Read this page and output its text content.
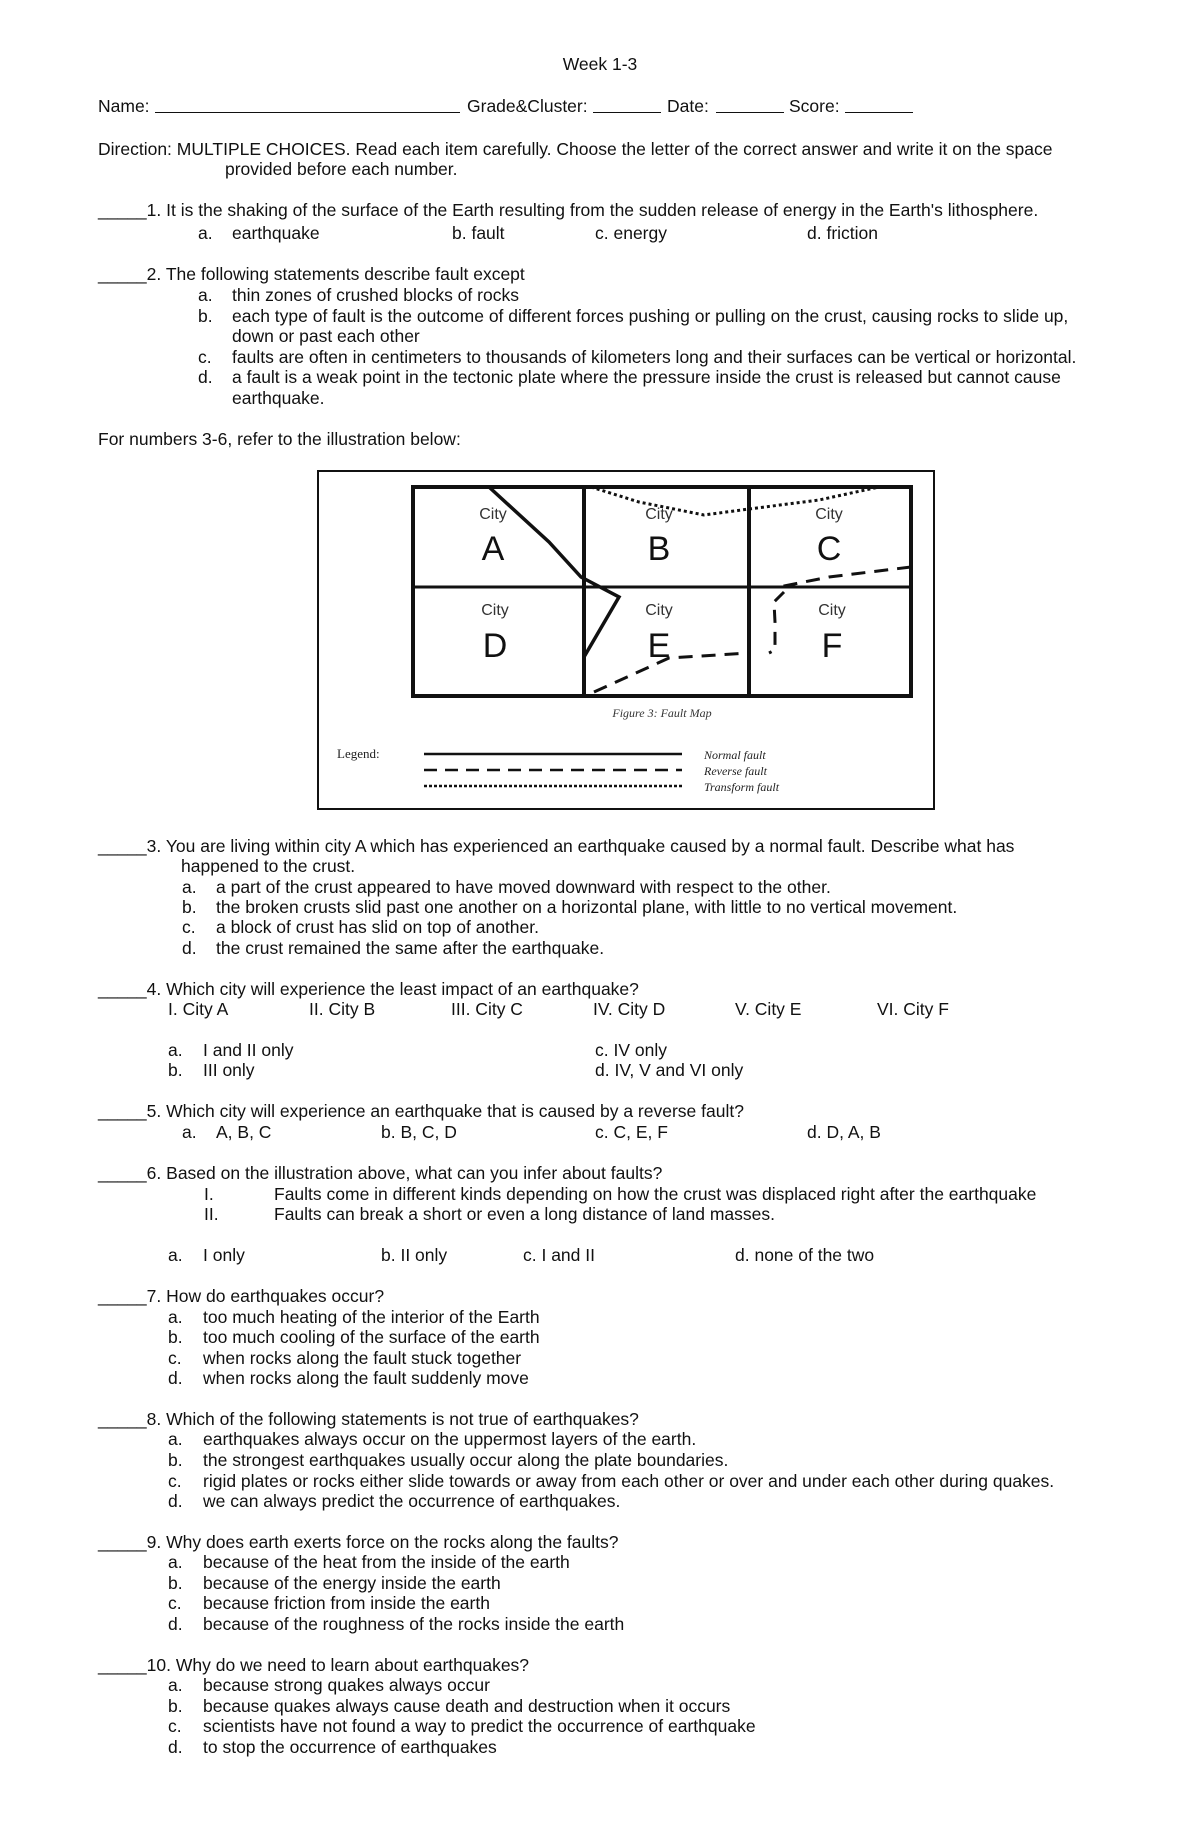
Week 1-3
Name:	Grade&Cluster:	Date:	Score:
Direction: MULTIPLE CHOICES. Read each item carefully. Choose the letter of the correct answer and write it on the space
provided before each number.
_____1. It is the shaking of the surface of the Earth resulting from the sudden release of energy in the Earth's lithosphere.
a. earthquake	b. fault	c. energy	d. friction
_____2. The following statements describe fault except
a. thin zones of crushed blocks of rocks
b. each type of fault is the outcome of different forces pushing or pulling on the crust, causing rocks to slide up,
down or past each other
c. faults are often in centimeters to thousands of kilometers long and their surfaces can be vertical or horizontal.
d. a fault is a weak point in the tectonic plate where the pressure inside the crust is released but cannot cause
earthquake.
For numbers 3-6, refer to the illustration below:
City
A
City
B
City
C
City
D
City
E
City
F
Figure 3: Fault Map
Legend:	Normal fault
Reverse fault
Transform fault
_____3. You are living within city A which has experienced an earthquake caused by a normal fault. Describe what has
happened to the crust.
a. a part of the crust appeared to have moved downward with respect to the other.
b. the broken crusts slid past one another on a horizontal plane, with little to no vertical movement.
c. a block of crust has slid on top of another.
d. the crust remained the same after the earthquake.
_____4. Which city will experience the least impact of an earthquake?
I. City A	II. City B	III. City C	IV. City D	V. City E	VI. City F
a. I and II only	c. IV only
b. III only	d. IV, V and VI only
_____5. Which city will experience an earthquake that is caused by a reverse fault?
a. A, B, C	b. B, C, D	c. C, E, F	d. D, A, B
_____6. Based on the illustration above, what can you infer about faults?
I.	Faults come in different kinds depending on how the crust was displaced right after the earthquake
II.	Faults can break a short or even a long distance of land masses.
a. I only	b. II only	c. I and II	d. none of the two
_____7. How do earthquakes occur?
a. too much heating of the interior of the Earth
b. too much cooling of the surface of the earth
c. when rocks along the fault stuck together
d. when rocks along the fault suddenly move
_____8. Which of the following statements is not true of earthquakes?
a. earthquakes always occur on the uppermost layers of the earth.
b. the strongest earthquakes usually occur along the plate boundaries.
c. rigid plates or rocks either slide towards or away from each other or over and under each other during quakes.
d. we can always predict the occurrence of earthquakes.
_____9. Why does earth exerts force on the rocks along the faults?
a. because of the heat from the inside of the earth
b. because of the energy inside the earth
c. because friction from inside the earth
d. because of the roughness of the rocks inside the earth
_____10. Why do we need to learn about earthquakes?
a. because strong quakes always occur
b. because quakes always cause death and destruction when it occurs
c. scientists have not found a way to predict the occurrence of earthquake
d. to stop the occurrence of earthquakes
